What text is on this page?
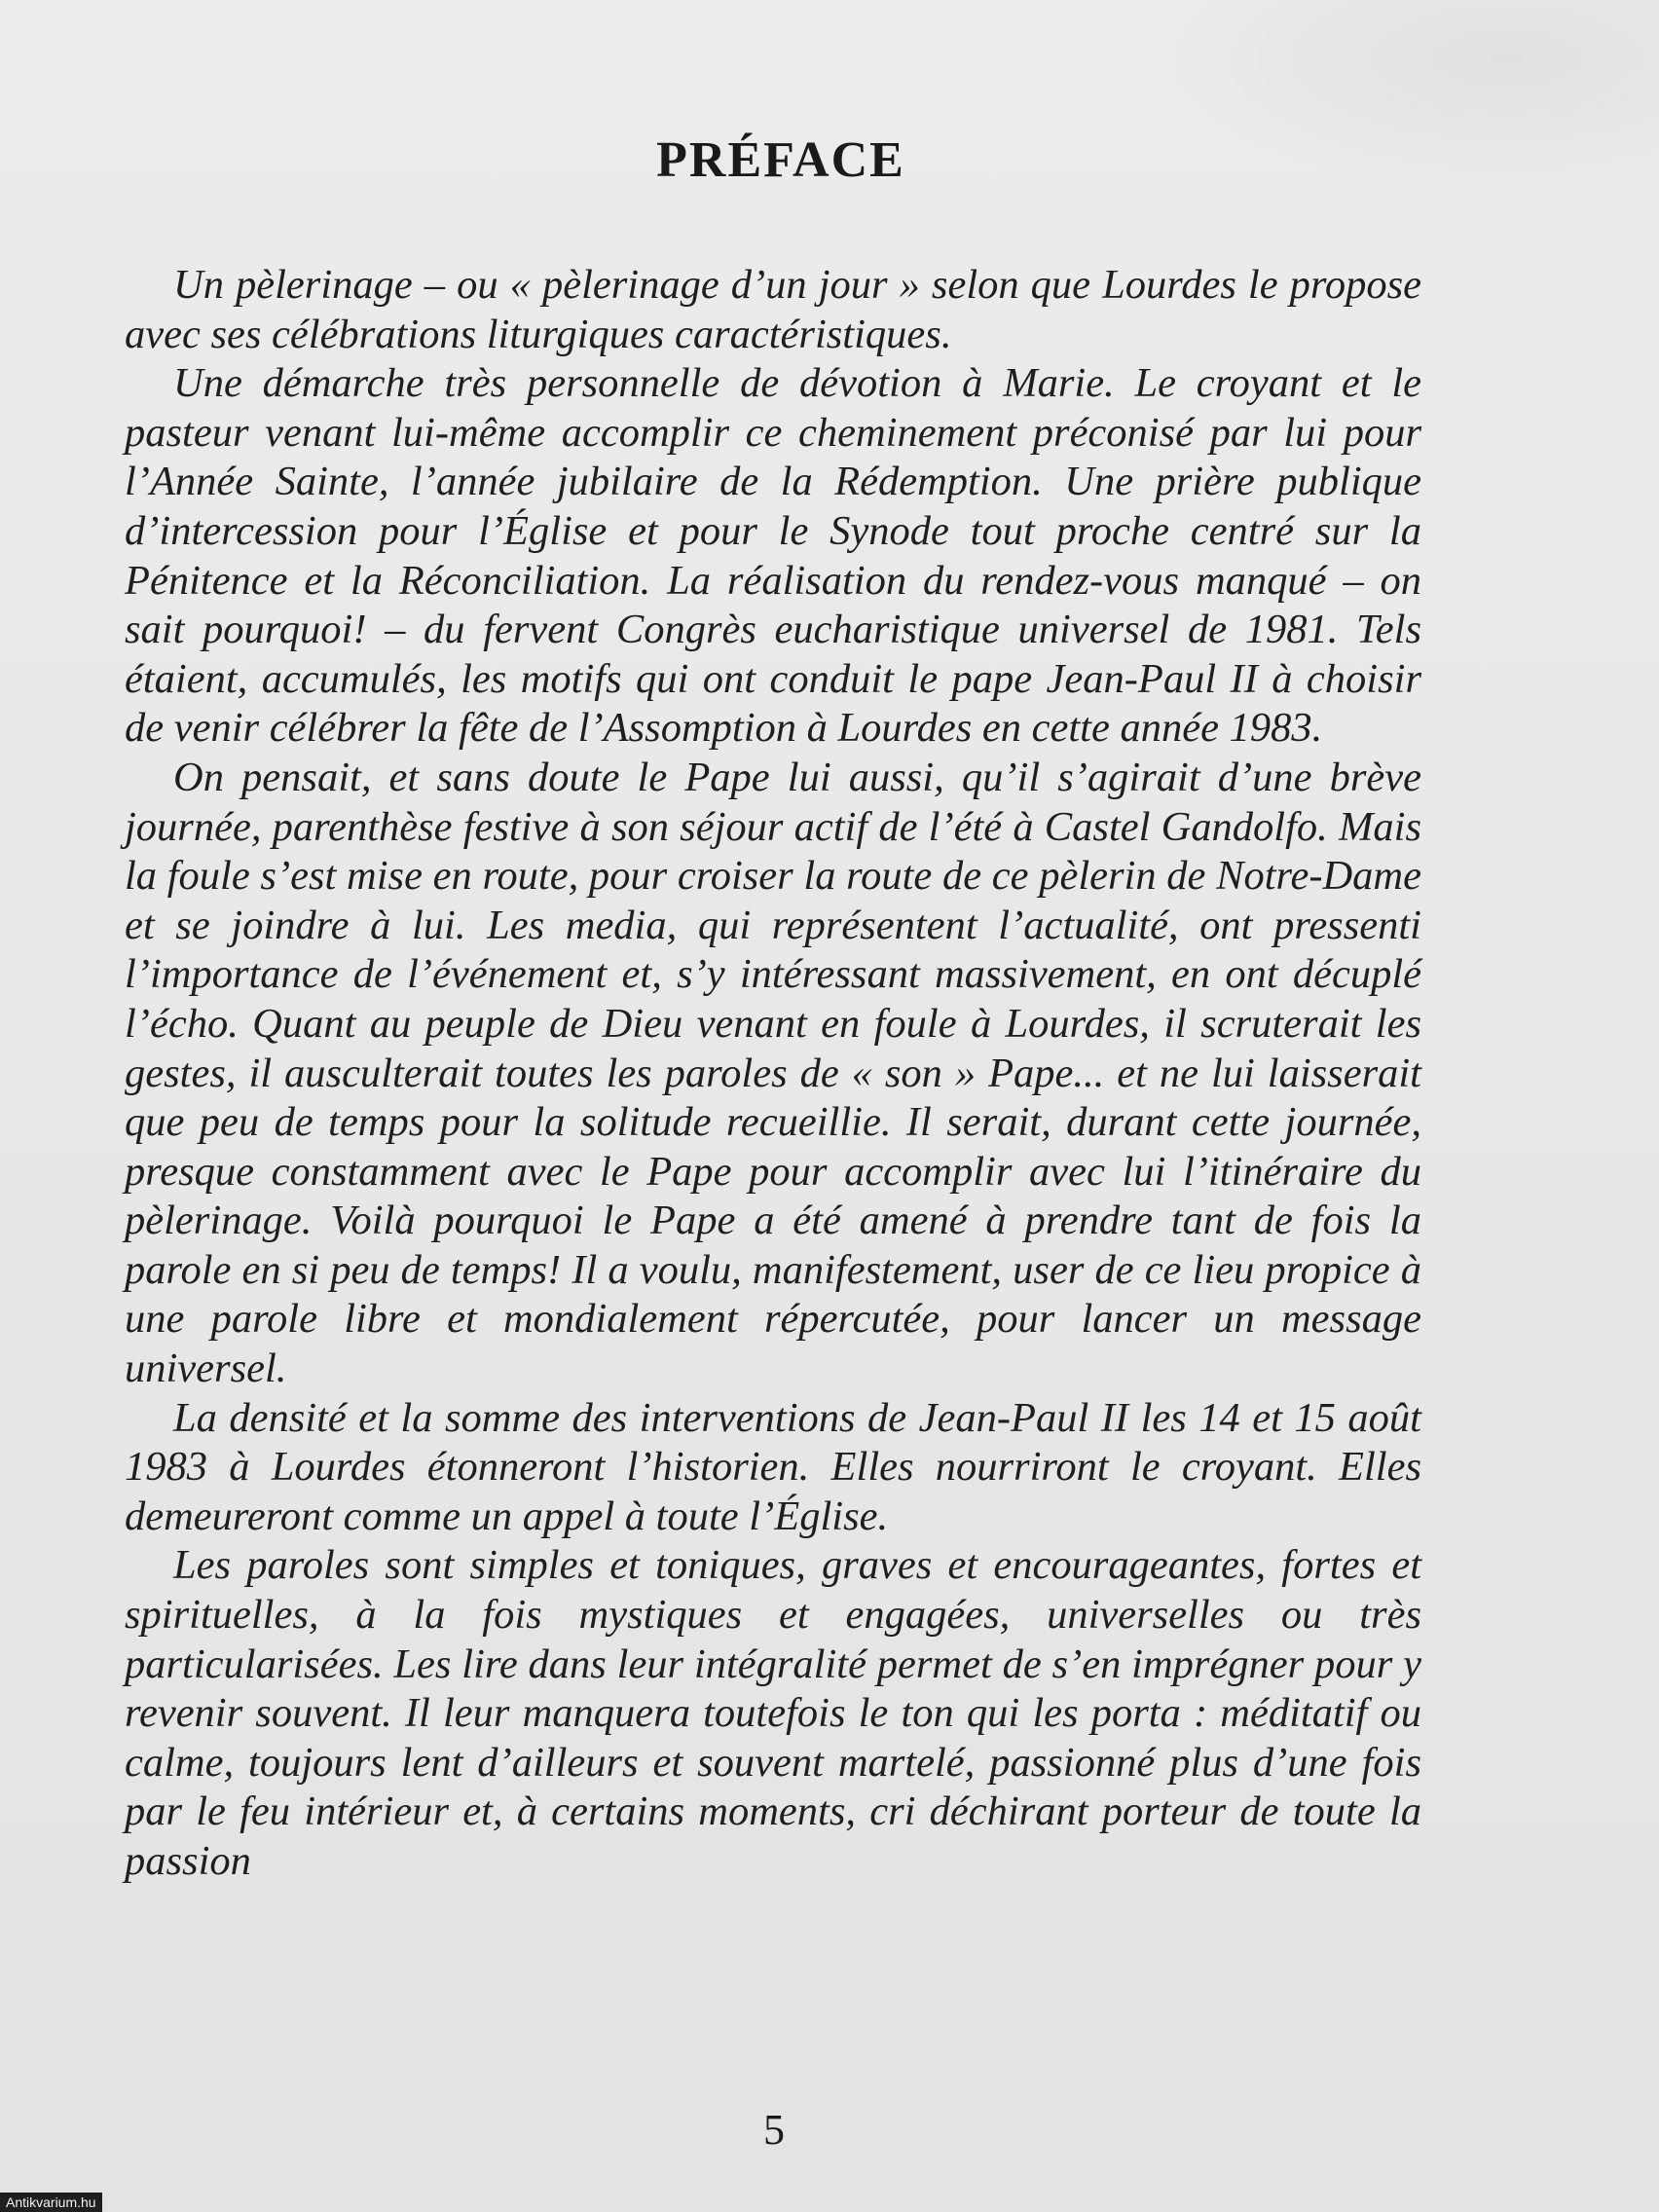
PRÉFACE

Un pèlerinage – ou « pèlerinage d’un jour » selon que Lourdes le propose avec ses célébrations liturgiques caractéristiques.

Une démarche très personnelle de dévotion à Marie. Le croyant et le pasteur venant lui-même accomplir ce cheminement préconisé par lui pour l’Année Sainte, l’année jubilaire de la Rédemption. Une prière publique d’intercession pour l’Église et pour le Synode tout proche centré sur la Pénitence et la Réconciliation. La réalisation du rendez-vous manqué – on sait pourquoi! – du fervent Congrès eucharistique universel de 1981. Tels étaient, accumulés, les motifs qui ont conduit le pape Jean-Paul II à choisir de venir célébrer la fête de l’Assomption à Lourdes en cette année 1983.

On pensait, et sans doute le Pape lui aussi, qu’il s’agirait d’une brève journée, parenthèse festive à son séjour actif de l’été à Castel Gandolfo. Mais la foule s’est mise en route, pour croiser la route de ce pèlerin de Notre-Dame et se joindre à lui. Les media, qui représentent l’actualité, ont pressenti l’importance de l’événement et, s’y intéressant massivement, en ont décuplé l’écho. Quant au peuple de Dieu venant en foule à Lourdes, il scruterait les gestes, il ausculterait toutes les paroles de « son » Pape... et ne lui laisserait que peu de temps pour la solitude recueillie. Il serait, durant cette journée, presque constamment avec le Pape pour accomplir avec lui l’itinéraire du pèlerinage. Voilà pourquoi le Pape a été amené à prendre tant de fois la parole en si peu de temps! Il a voulu, manifestement, user de ce lieu propice à une parole libre et mondialement répercutée, pour lancer un message universel.

La densité et la somme des interventions de Jean-Paul II les 14 et 15 août 1983 à Lourdes étonneront l’historien. Elles nourriront le croyant. Elles demeureront comme un appel à toute l’Église.

Les paroles sont simples et toniques, graves et encourageantes, fortes et spirituelles, à la fois mystiques et engagées, universelles ou très particularisées. Les lire dans leur intégralité permet de s’en imprégner pour y revenir souvent. Il leur manquera toutefois le ton qui les porta : méditatif ou calme, toujours lent d’ailleurs et souvent martelé, passionné plus d’une fois par le feu intérieur et, à certains moments, cri déchirant porteur de toute la passion

5
Antikvarium.hu
